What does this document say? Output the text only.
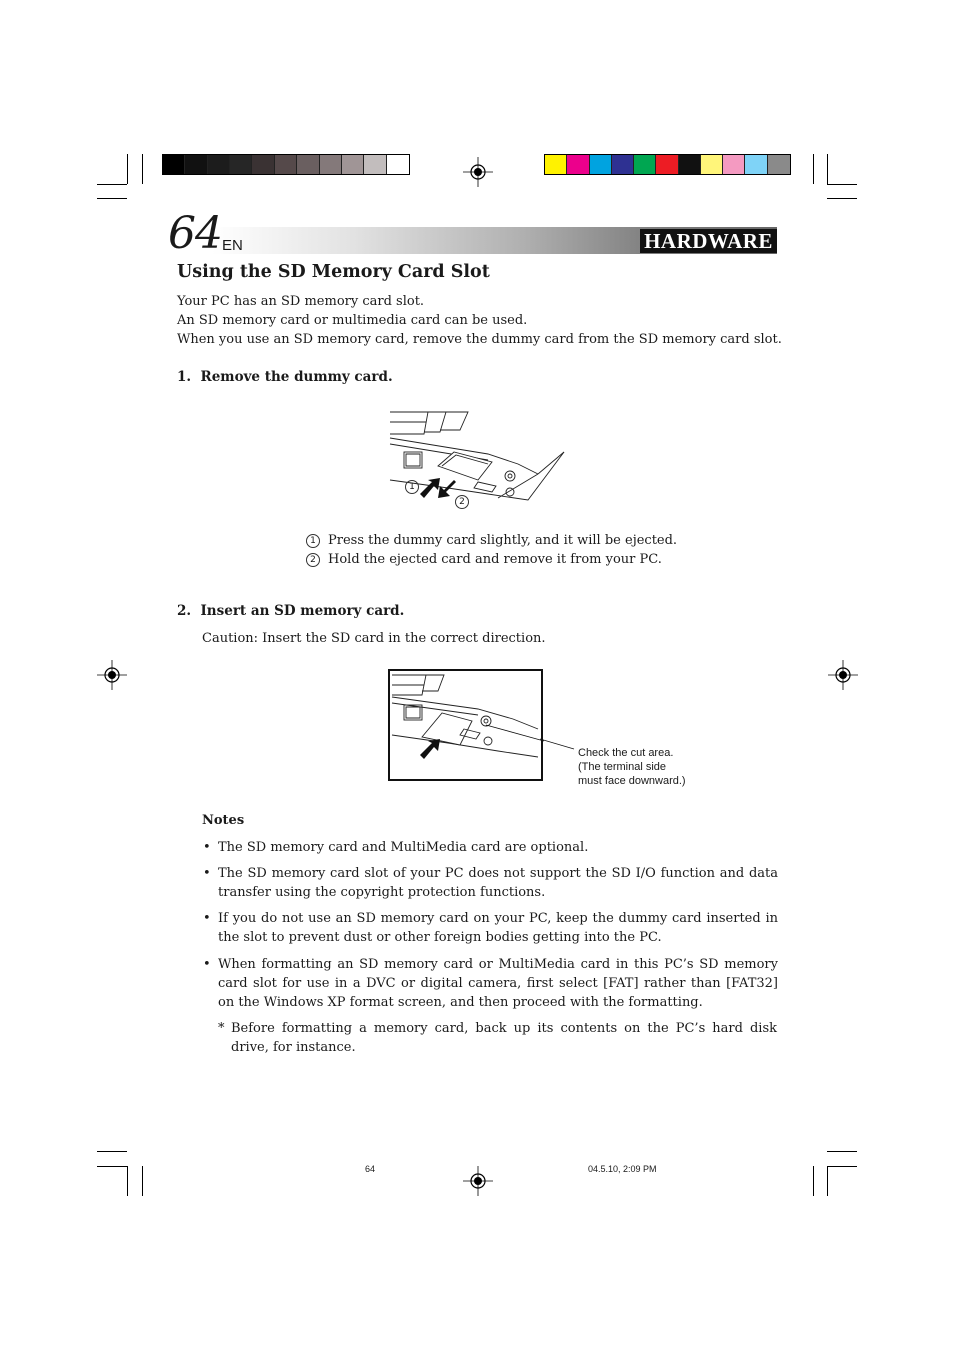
64 EN	HARDWARE
Using the SD Memory Card Slot
Your PC has an SD memory card slot.
An SD memory card or multimedia card can be used.
When you use an SD memory card, remove the dummy card from the SD memory card slot.
1.  Remove the dummy card.
1
2
1 Press the dummy card slightly, and it will be ejected.
2 Hold the ejected card and remove it from your PC.
2.  Insert an SD memory card.
Caution: Insert the SD card in the correct direction.
Check the cut area.
(The terminal side
must face downward.)
Notes
• The SD memory card and MultiMedia card are optional.
• The SD memory card slot of your PC does not support the SD I/O function and data transfer using the copyright protection functions.
• If you do not use an SD memory card on your PC, keep the dummy card inserted in the slot to prevent dust or other foreign bodies getting into the PC.
• When formatting an SD memory card or MultiMedia card in this PC’s SD memory card slot for use in a DVC or digital camera, first select [FAT] rather than [FAT32] on the Windows XP format screen, and then proceed with the formatting.
* Before formatting a memory card, back up its contents on the PC’s hard disk drive, for instance.
64	04.5.10, 2:09 PM
